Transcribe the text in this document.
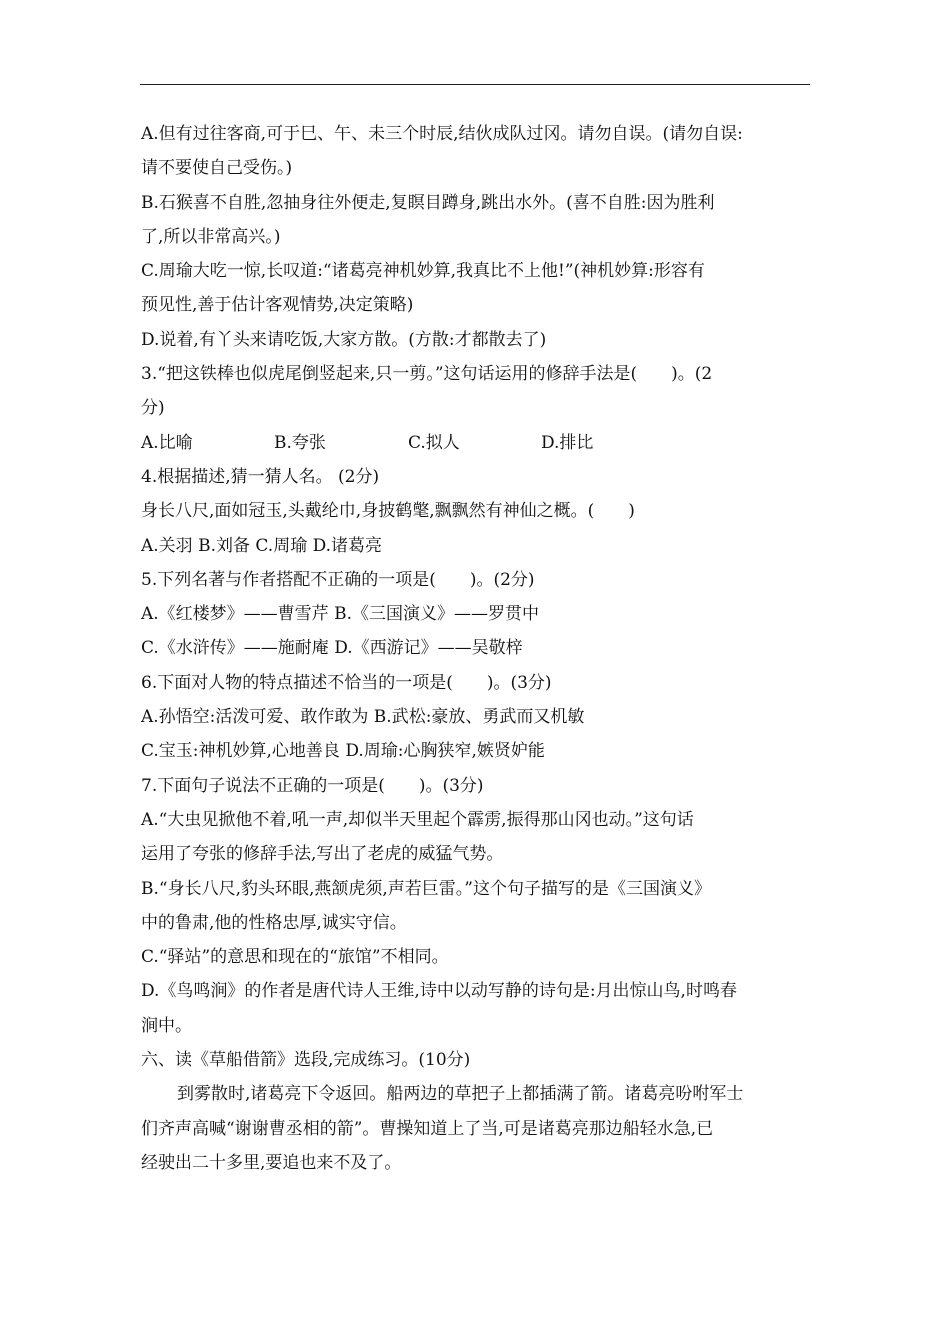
A.但有过往客商,可于巳、午、未三个时辰,结伙成队过冈。请勿自误。(请勿自误:
请不要使自己受伤。)
B.石猴喜不自胜,忽抽身往外便走,复瞑目蹲身,跳出水外。(喜不自胜:因为胜利
了,所以非常高兴。)
C.周瑜大吃一惊,长叹道:“诸葛亮神机妙算,我真比不上他!”(神机妙算:形容有
预见性,善于估计客观情势,决定策略)
D.说着,有丫头来请吃饭,大家方散。(方散:才都散去了)
3.“把这铁棒也似虎尾倒竖起来,只一剪。”这句话运用的修辞手法是(　　)。(2
分)
A.比喻	B.夸张	C.拟人	D.排比
4.根据描述,猜一猜人名。 (2分)
身长八尺,面如冠玉,头戴纶巾,身披鹤氅,飘飘然有神仙之概。(　　)
A.关羽 B.刘备 C.周瑜 D.诸葛亮
5.下列名著与作者搭配不正确的一项是(　　)。(2分)
A.《红楼梦》——曹雪芹 B.《三国演义》——罗贯中
C.《水浒传》——施耐庵 D.《西游记》——吴敬梓
6.下面对人物的特点描述不恰当的一项是(　　)。(3分)
A.孙悟空:活泼可爱、敢作敢为 B.武松:豪放、勇武而又机敏
C.宝玉:神机妙算,心地善良 D.周瑜:心胸狭窄,嫉贤妒能
7.下面句子说法不正确的一项是(　　)。(3分)
A.“大虫见掀他不着,吼一声,却似半天里起个霹雳,振得那山冈也动。”这句话
运用了夸张的修辞手法,写出了老虎的威猛气势。
B.“身长八尺,豹头环眼,燕颔虎须,声若巨雷。”这个句子描写的是《三国演义》
中的鲁肃,他的性格忠厚,诚实守信。
C.“驿站”的意思和现在的“旅馆”不相同。
D.《鸟鸣涧》的作者是唐代诗人王维,诗中以动写静的诗句是:月出惊山鸟,时鸣春
涧中。
六、读《草船借箭》选段,完成练习。(10分)
到雾散时,诸葛亮下令返回。船两边的草把子上都插满了箭。诸葛亮吩咐军士
们齐声高喊“谢谢曹丞相的箭”。曹操知道上了当,可是诸葛亮那边船轻水急,已
经驶出二十多里,要追也来不及了。
